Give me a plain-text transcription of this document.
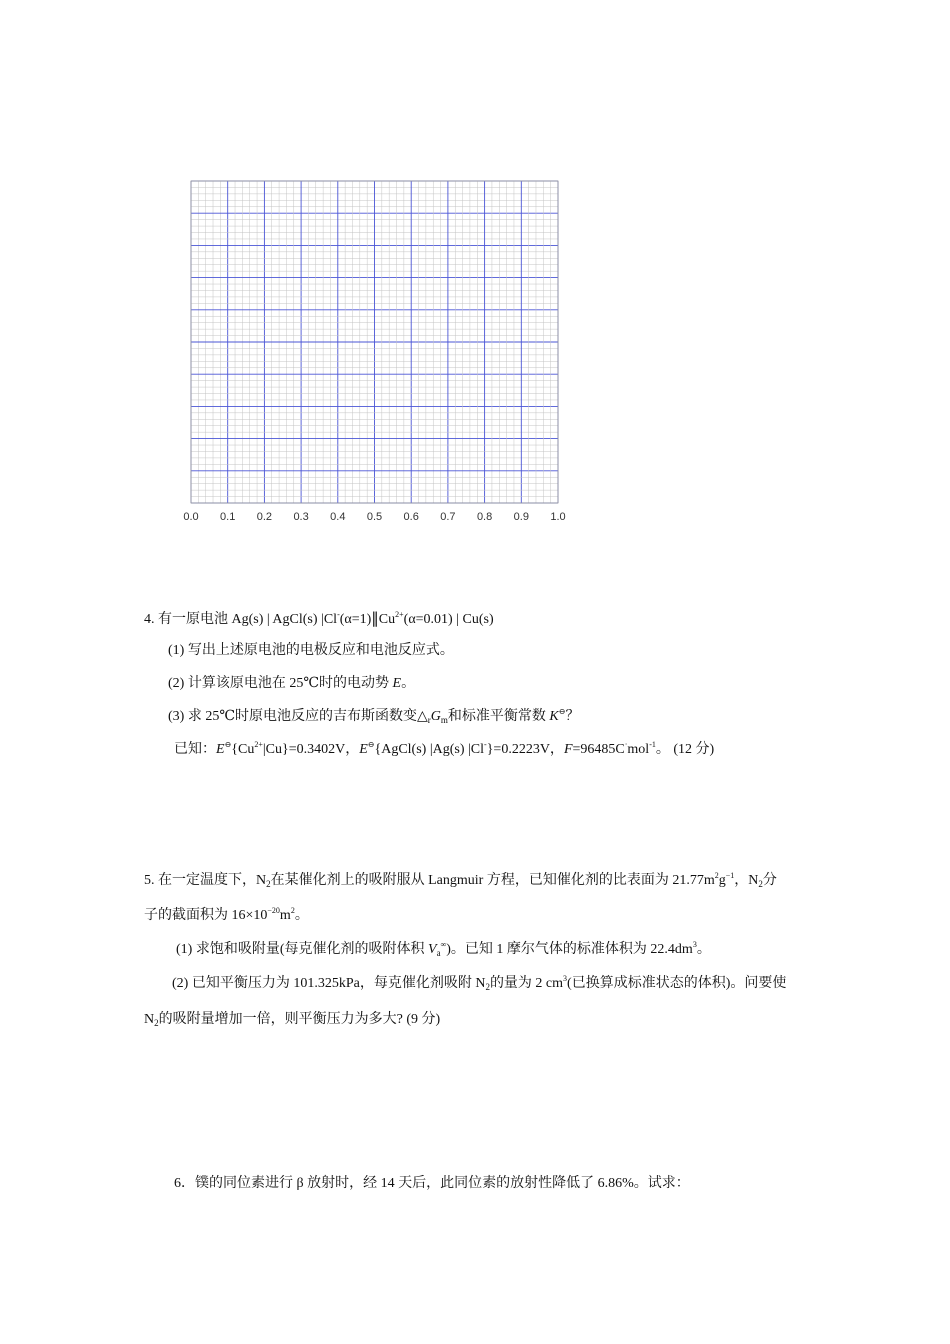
0.0 0.1 0.2 0.3 0.4 0.5 0.6 0.7 0.8 0.9 1.0
4. 有一原电池 Ag(s) | AgCl(s) $|Cl^-(\alpha=1)‖Cu^{2+}(\alpha=0.01)$ | Cu(s)
(1) 写出上述原电池的电极反应和电池反应式。
(2) 计算该原电池在 25℃时的电动势 E。
(3) 求 25℃时原电池反应的吉布斯函数变$\triangle_rG_m$和标准平衡常数 K⊖？
已知：$E^⊖\{Cu^{2+}|Cu\}=0.3402V$，E⊖{AgCl(s) |Ag(s) |Cl-}=0.2223V，F=96485C·mol$^{-1}$。 (12 分)
5. 在一定温度下，$N_2$在某催化剂上的吸附服从 Langmuir 方程，已知催化剂的比表面为 $21.77m^2g^{-1}$，$N_2$分
子的截面积为 $16\times 10^{-20}m^2$。
(1) 求饱和吸附量(每克催化剂的吸附体积 $V_a^\infty$)。已知 1 摩尔气体的标准体积为 $22.4dm^3$。
(2) 已知平衡压力为 101.325kPa，每克催化剂吸附 $N_2$的量为 2 $cm^3$(已换算成标准状态的体积)。问要使
$N_2$的吸附量增加一倍，则平衡压力为多大? (9 分)
6．镤的同位素进行 β 放射时，经 14 天后，此同位素的放射性降低了 6.86%。试求：
